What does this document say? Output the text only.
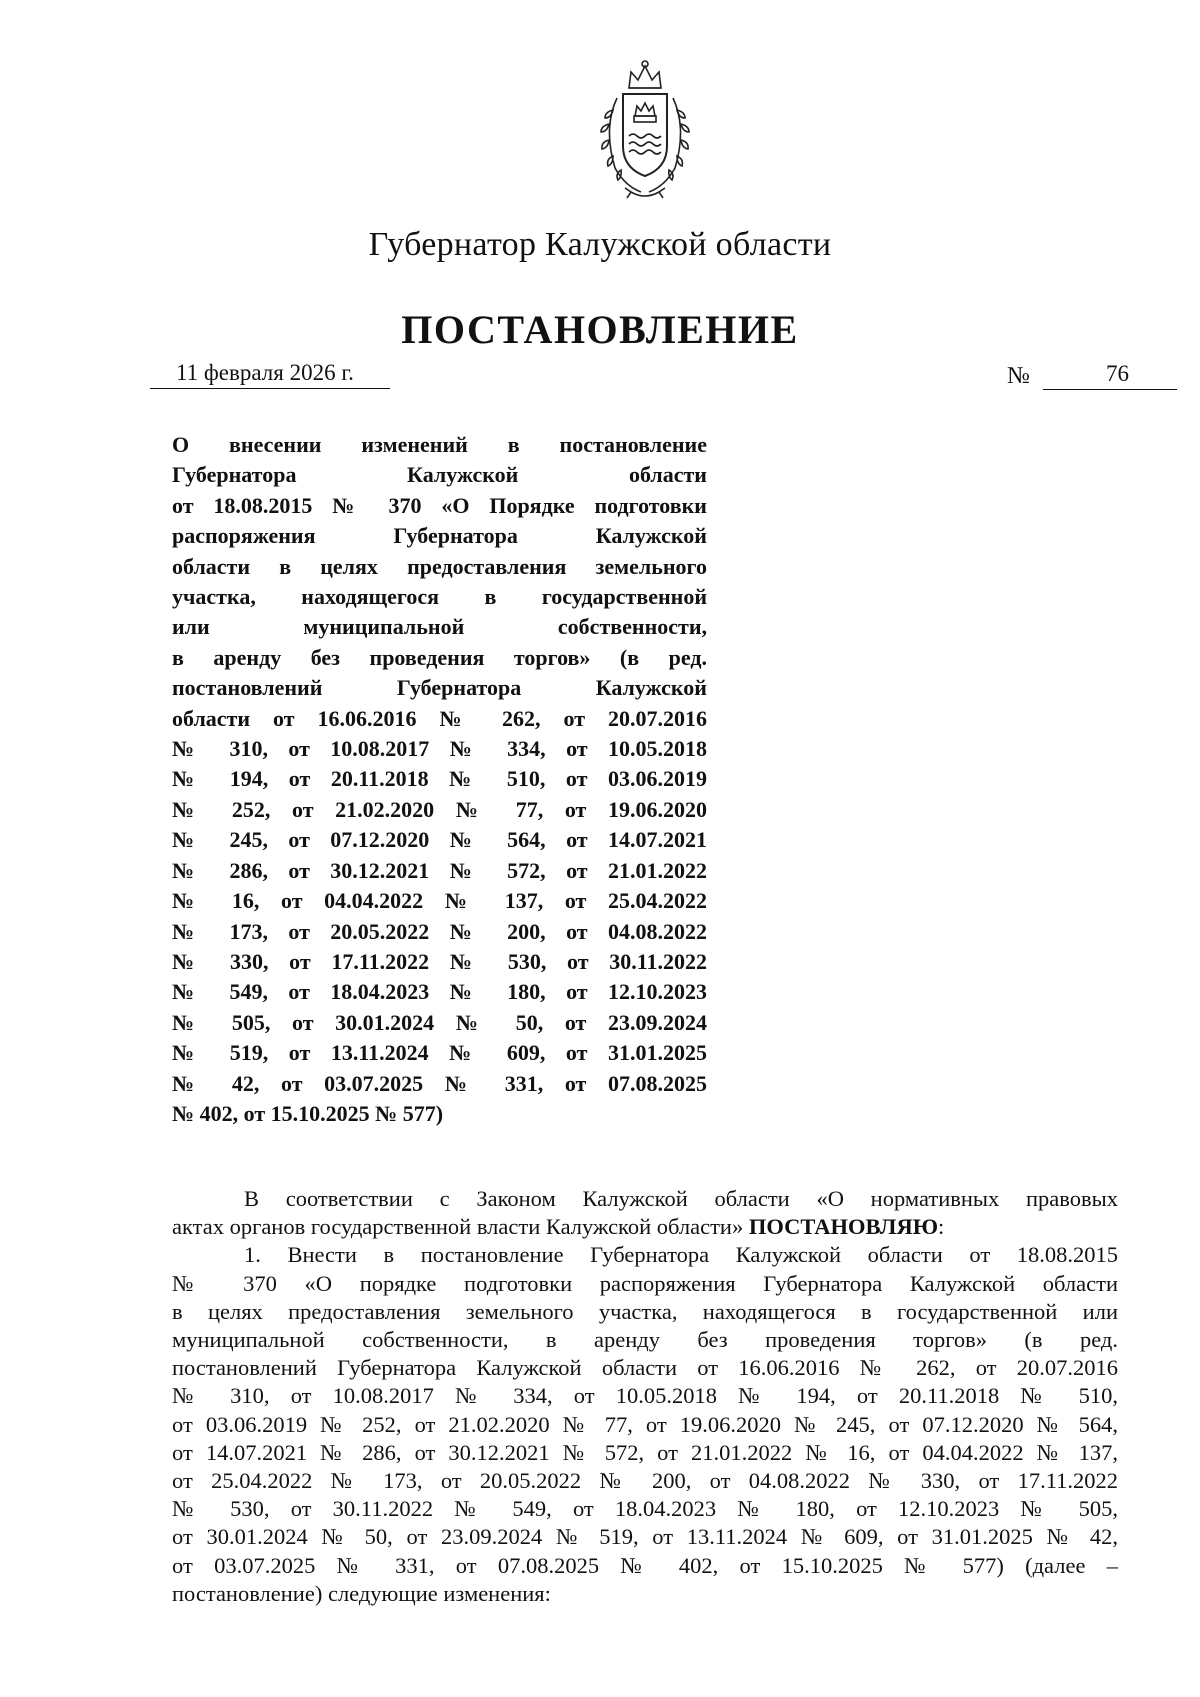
Губернатор Калужской области
ПОСТАНОВЛЕНИЕ
11 февраля 2026 г.	№	76
О внесении изменений в постановление
Губернатора Калужской области
от 18.08.2015 № 370 «О Порядке подготовки
распоряжения Губернатора Калужской
области в целях предоставления земельного
участка, находящегося в государственной
или муниципальной собственности,
в аренду без проведения торгов» (в ред.
постановлений Губернатора Калужской
области от 16.06.2016 № 262, от 20.07.2016
№ 310, от 10.08.2017 № 334, от 10.05.2018
№ 194, от 20.11.2018 № 510, от 03.06.2019
№ 252, от 21.02.2020 № 77, от 19.06.2020
№ 245, от 07.12.2020 № 564, от 14.07.2021
№ 286, от 30.12.2021 № 572, от 21.01.2022
№ 16, от 04.04.2022 № 137, от 25.04.2022
№ 173, от 20.05.2022 № 200, от 04.08.2022
№ 330, от 17.11.2022 № 530, от 30.11.2022
№ 549, от 18.04.2023 № 180, от 12.10.2023
№ 505, от 30.01.2024 № 50, от 23.09.2024
№ 519, от 13.11.2024 № 609, от 31.01.2025
№ 42, от 03.07.2025 № 331, от 07.08.2025
№ 402, от 15.10.2025 № 577)
В соответствии с Законом Калужской области «О нормативных правовых
актах органов государственной власти Калужской области» ПОСТАНОВЛЯЮ:
1. Внести в постановление Губернатора Калужской области от 18.08.2015
№ 370 «О порядке подготовки распоряжения Губернатора Калужской области
в целях предоставления земельного участка, находящегося в государственной или
муниципальной собственности, в аренду без проведения торгов» (в ред.
постановлений Губернатора Калужской области от 16.06.2016 № 262, от 20.07.2016
№ 310, от 10.08.2017 № 334, от 10.05.2018 № 194, от 20.11.2018 № 510,
от 03.06.2019 № 252, от 21.02.2020 № 77, от 19.06.2020 № 245, от 07.12.2020 № 564,
от 14.07.2021 № 286, от 30.12.2021 № 572, от 21.01.2022 № 16, от 04.04.2022 № 137,
от 25.04.2022 № 173, от 20.05.2022 № 200, от 04.08.2022 № 330, от 17.11.2022
№ 530, от 30.11.2022 № 549, от 18.04.2023 № 180, от 12.10.2023 № 505,
от 30.01.2024 № 50, от 23.09.2024 № 519, от 13.11.2024 № 609, от 31.01.2025 № 42,
от 03.07.2025 № 331, от 07.08.2025 № 402, от 15.10.2025 № 577) (далее –
постановление) следующие изменения:
